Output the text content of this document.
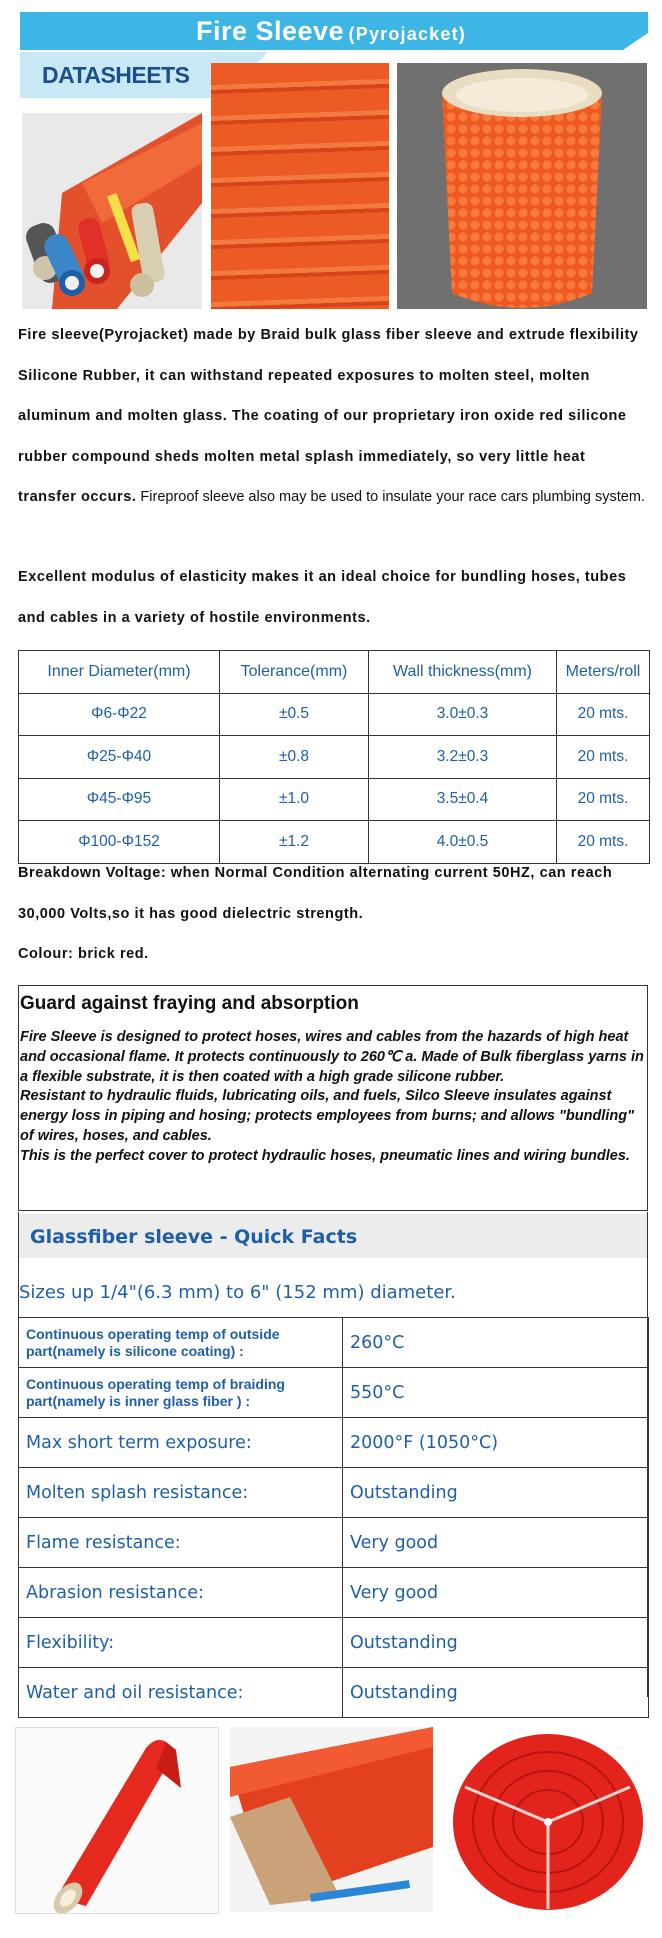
Fire Sleeve (Pyrojacket)
DATASHEETS
Fire sleeve(Pyrojacket) made by Braid bulk glass fiber sleeve and extrude flexibility Silicone Rubber, it can withstand repeated exposures to molten steel, molten aluminum and molten glass. The coating of our proprietary iron oxide red silicone rubber compound sheds molten metal splash immediately, so very little heat transfer occurs. Fireproof sleeve also may be used to insulate your race cars plumbing system.
Excellent modulus of elasticity makes it an ideal choice for bundling hoses, tubes and cables in a variety of hostile environments.
Inner Diameter(mm)	Tolerance(mm)	Wall thickness(mm)	Meters/roll
Φ6-Φ22	±0.5	3.0±0.3	20 mts.
Φ25-Φ40	±0.8	3.2±0.3	20 mts.
Φ45-Φ95	±1.0	3.5±0.4	20 mts.
Φ100-Φ152	±1.2	4.0±0.5	20 mts.
Breakdown Voltage: when Normal Condition alternating current 50HZ, can reach 30,000 Volts,so it has good dielectric strength.
Colour: brick red.
Guard against fraying and absorption
Fire Sleeve is designed to protect hoses, wires and cables from the hazards of high heat and occasional flame. It protects continuously to 260℃ a. Made of Bulk fiberglass yarns in a flexible substrate, it is then coated with a high grade silicone rubber.
Resistant to hydraulic fluids, lubricating oils, and fuels, Silco Sleeve insulates against energy loss in piping and hosing; protects employees from burns; and allows "bundling" of wires, hoses, and cables.
This is the perfect cover to protect hydraulic hoses, pneumatic lines and wiring bundles.
Glassfiber sleeve - Quick Facts
Sizes up 1/4"(6.3 mm) to 6" (152 mm) diameter.
Continuous operating temp of outside part(namely is silicone coating) :	260°C
Continuous operating temp of braiding part(namely is inner glass fiber ) :	550°C
Max short term exposure:	2000°F (1050°C)
Molten splash resistance:	Outstanding
Flame resistance:	Very good
Abrasion resistance:	Very good
Flexibility:	Outstanding
Water and oil resistance:	Outstanding
